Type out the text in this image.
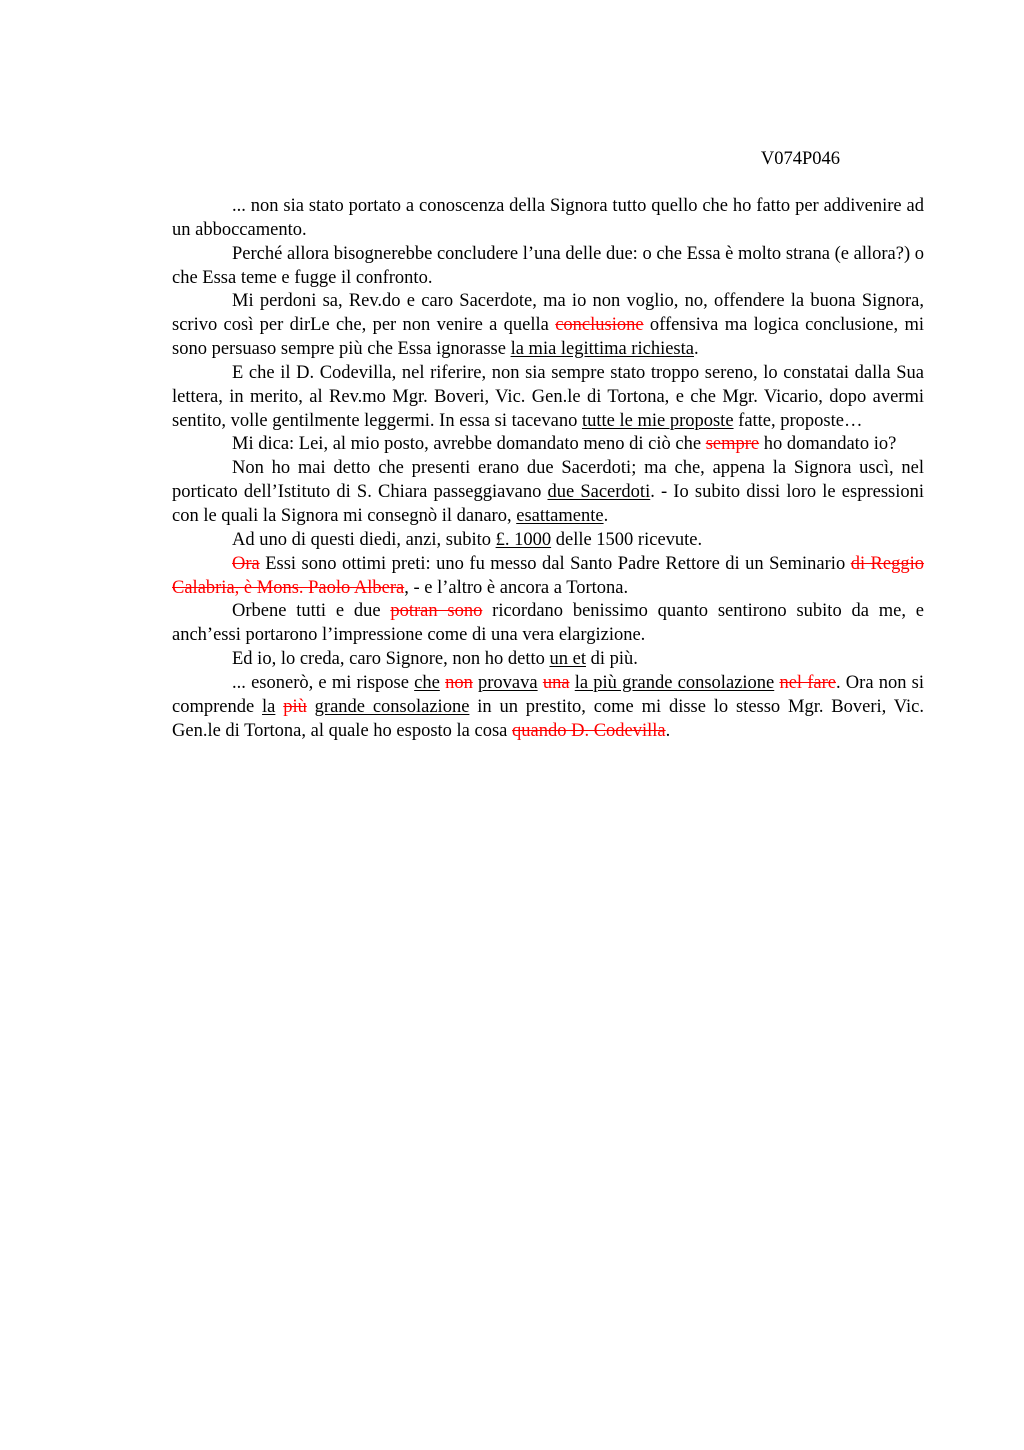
V074P046

... non sia stato portato a conoscenza della Signora tutto quello che ho fatto per addivenire ad un abboccamento.

Perché allora bisognerebbe concludere l’una delle due: o che Essa è molto strana (e allora?) o che Essa teme e fugge il confronto.

Mi perdoni sa, Rev.do e caro Sacerdote, ma io non voglio, no, offendere la buona Signora, scrivo così per dirLe che, per non venire a quella conclusione offensiva ma logica conclusione, mi sono persuaso sempre più che Essa ignorasse la mia legittima richiesta.

E che il D. Codevilla, nel riferire, non sia sempre stato troppo sereno, lo constatai dalla Sua lettera, in merito, al Rev.mo Mgr. Boveri, Vic. Gen.le di Tortona, e che Mgr. Vicario, dopo avermi sentito, volle gentilmente leggermi. In essa si tacevano tutte le mie proposte fatte, proposte…

Mi dica: Lei, al mio posto, avrebbe domandato meno di ciò che sempre ho domandato io?

Non ho mai detto che presenti erano due Sacerdoti; ma che, appena la Signora uscì, nel porticato dell’Istituto di S. Chiara passeggiavano due Sacerdoti. - Io subito dissi loro le espressioni con le quali la Signora mi consegnò il danaro, esattamente.

Ad uno di questi diedi, anzi, subito £. 1000 delle 1500 ricevute.

Ora Essi sono ottimi preti: uno fu messo dal Santo Padre Rettore di un Seminario di Reggio Calabria, è Mons. Paolo Albera, - e l’altro è ancora a Tortona.

Orbene tutti e due potran sono ricordano benissimo quanto sentirono subito da me, e anch’essi portarono l’impressione come di una vera elargizione.

Ed io, lo creda, caro Signore, non ho detto un et di più.

... esonerò, e mi rispose che non provava una la più grande consolazione nel fare. Ora non si comprende la più grande consolazione in un prestito, come mi disse lo stesso Mgr. Boveri, Vic. Gen.le di Tortona, al quale ho esposto la cosa quando D. Codevilla.
